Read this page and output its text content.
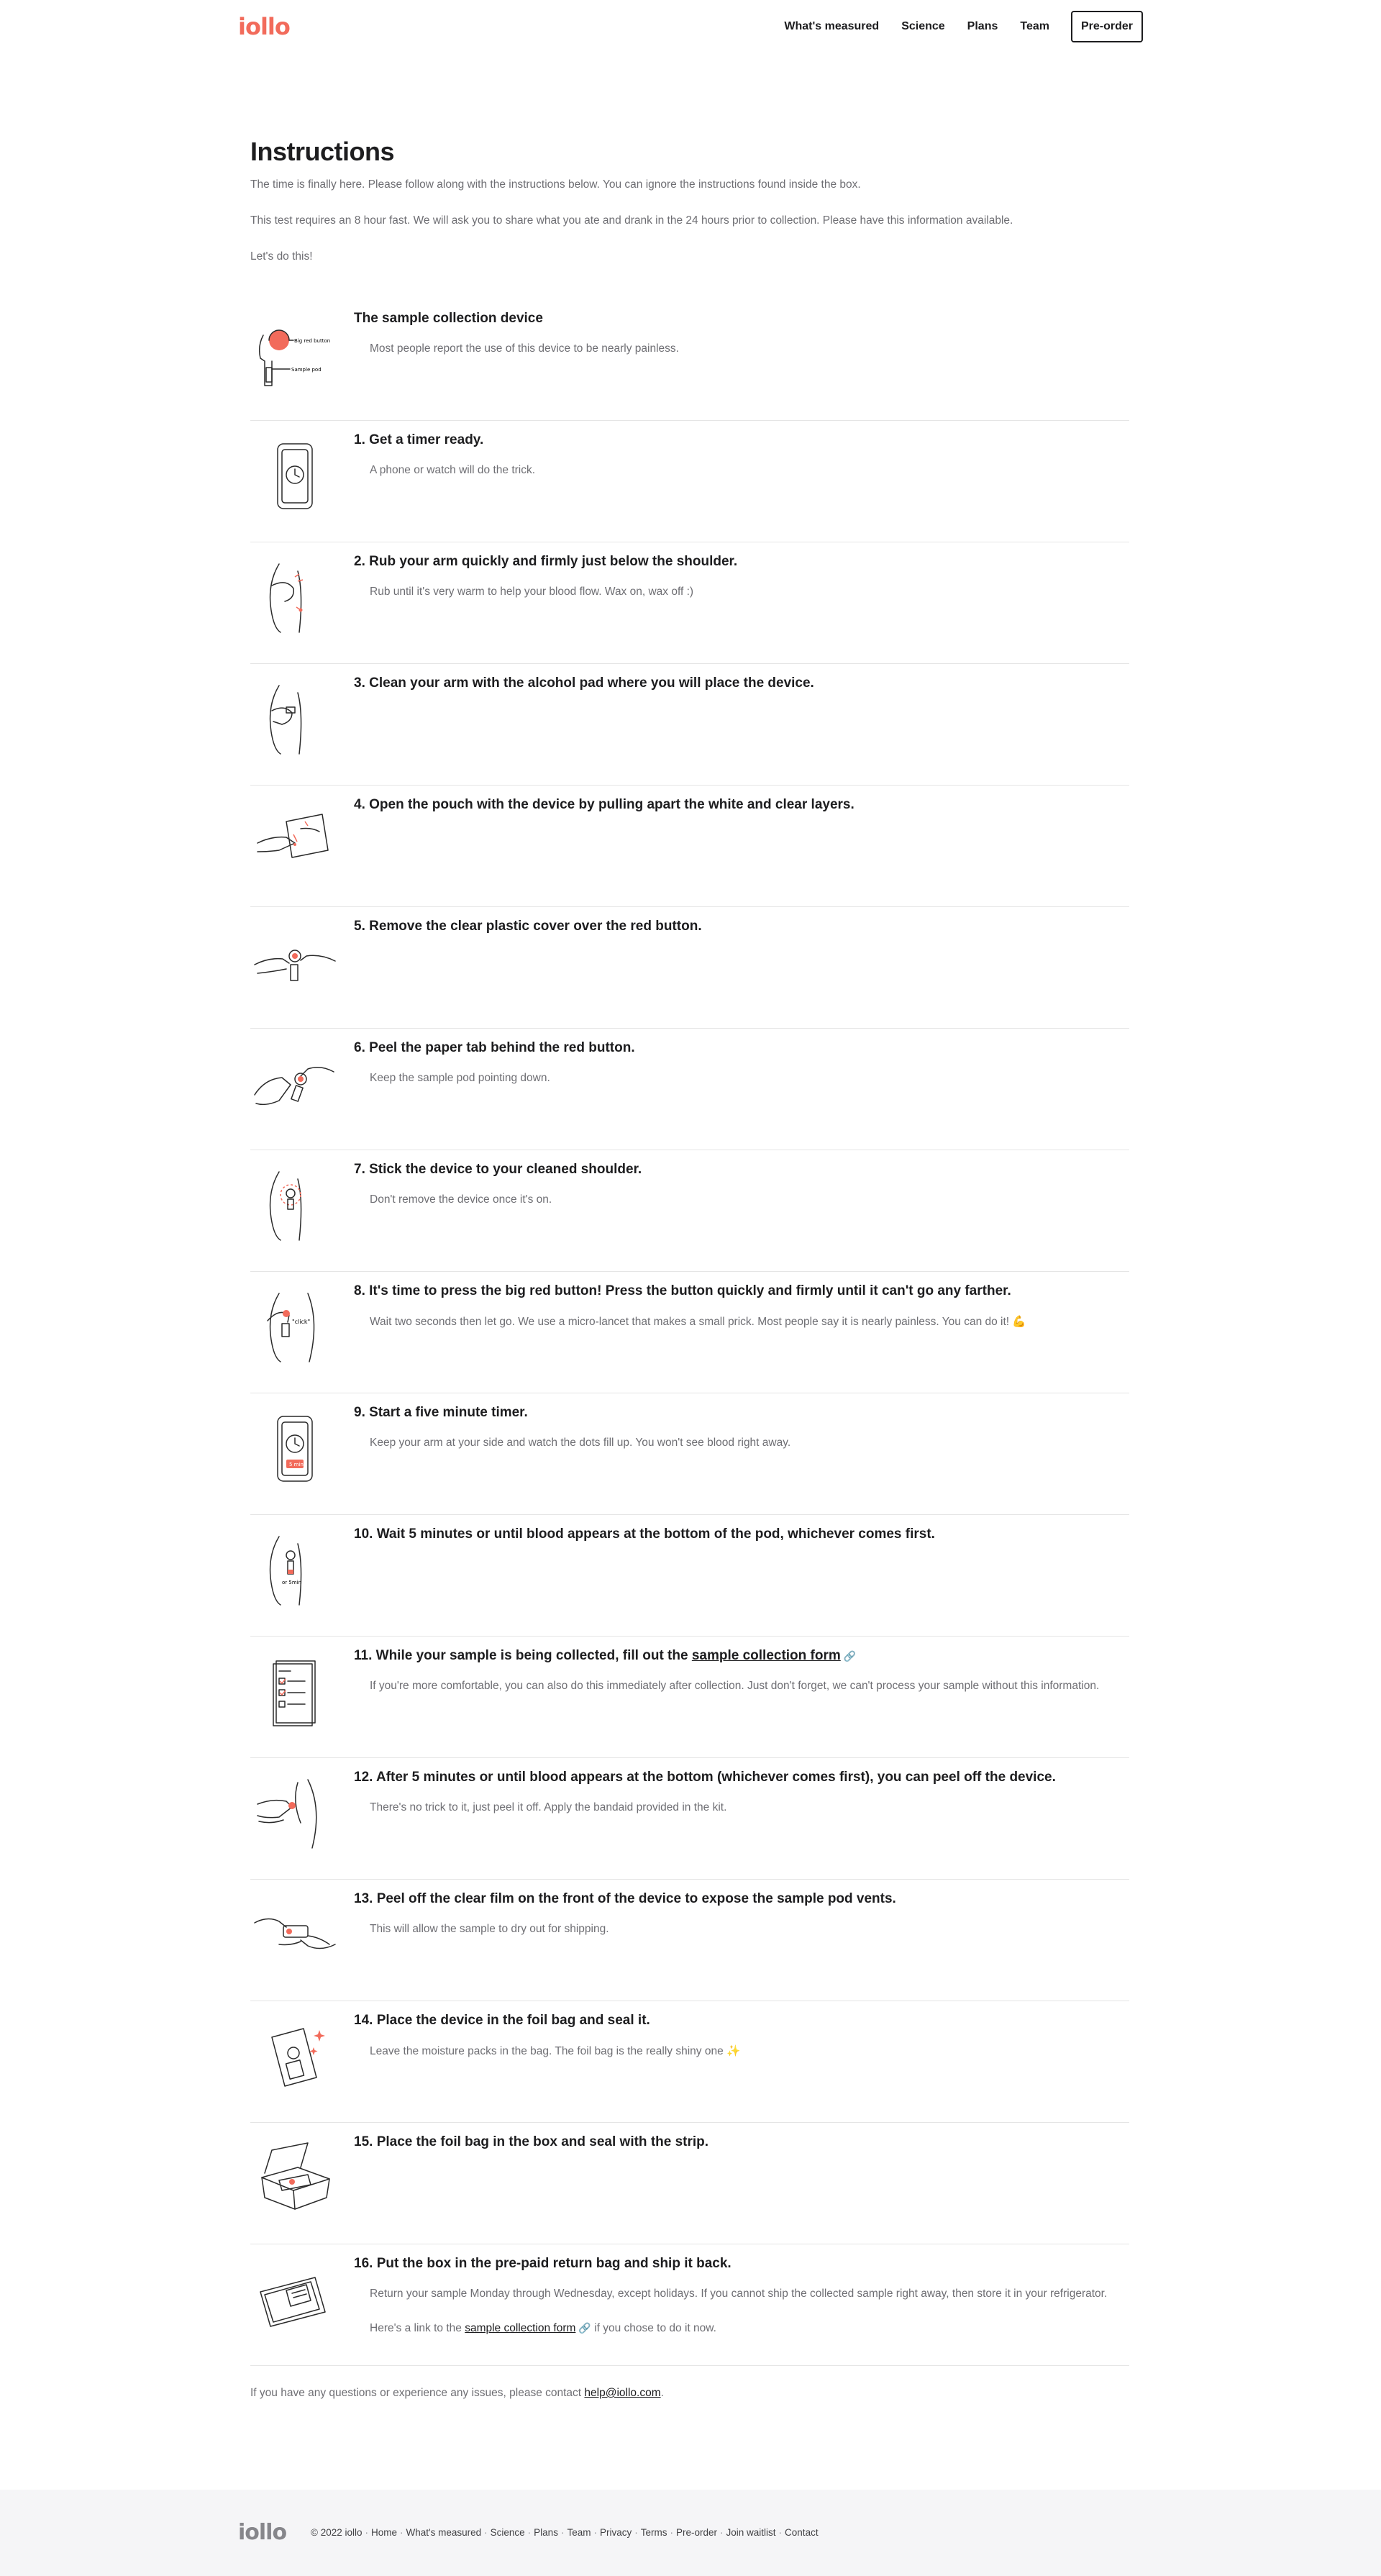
iollo	What's measured Science Plans Team	Pre-order
Instructions

The time is finally here. Please follow along with the instructions below. You can ignore the instructions found inside the box.

This test requires an 8 hour fast. We will ask you to share what you ate and drank in the 24 hours prior to collection. Please have this information available.

Let's do this!

Big red button
Sample pod
The sample collection device
Most people report the use of this device to be nearly painless.
1. Get a timer ready.
A phone or watch will do the trick.
2. Rub your arm quickly and firmly just below the shoulder.
Rub until it's very warm to help your blood flow. Wax on, wax off :)
3. Clean your arm with the alcohol pad where you will place the device.
4. Open the pouch with the device by pulling apart the white and clear layers.
5. Remove the clear plastic cover over the red button.
6. Peel the paper tab behind the red button.
Keep the sample pod pointing down.
7. Stick the device to your cleaned shoulder.
Don't remove the device once it's on.
"click"
8. It's time to press the big red button! Press the button quickly and firmly until it can't go any farther.
Wait two seconds then let go. We use a micro-lancet that makes a small prick. Most people say it is nearly painless. You can do it! 💪
5 min
9. Start a five minute timer.
Keep your arm at your side and watch the dots fill up. You won't see blood right away.
or 5min
10. Wait 5 minutes or until blood appears at the bottom of the pod, whichever comes first.
11. While your sample is being collected, fill out the sample collection form 🔗
If you're more comfortable, you can also do this immediately after collection. Just don't forget, we can't process your sample without this information.
12. After 5 minutes or until blood appears at the bottom (whichever comes first), you can peel off the device.
There's no trick to it, just peel it off. Apply the bandaid provided in the kit.
13. Peel off the clear film on the front of the device to expose the sample pod vents.
This will allow the sample to dry out for shipping.
14. Place the device in the foil bag and seal it.
Leave the moisture packs in the bag. The foil bag is the really shiny one ✨
15. Place the foil bag in the box and seal with the strip.
16. Put the box in the pre-paid return bag and ship it back.
Return your sample Monday through Wednesday, except holidays. If you cannot ship the collected sample right away, then store it in your refrigerator.
Here's a link to the sample collection form 🔗 if you chose to do it now.
If you have any questions or experience any issues, please contact help@iollo.com.
iollo	© 2022 iollo · Home · What's measured · Science · Plans · Team · Privacy · Terms · Pre-order · Join waitlist · Contact
